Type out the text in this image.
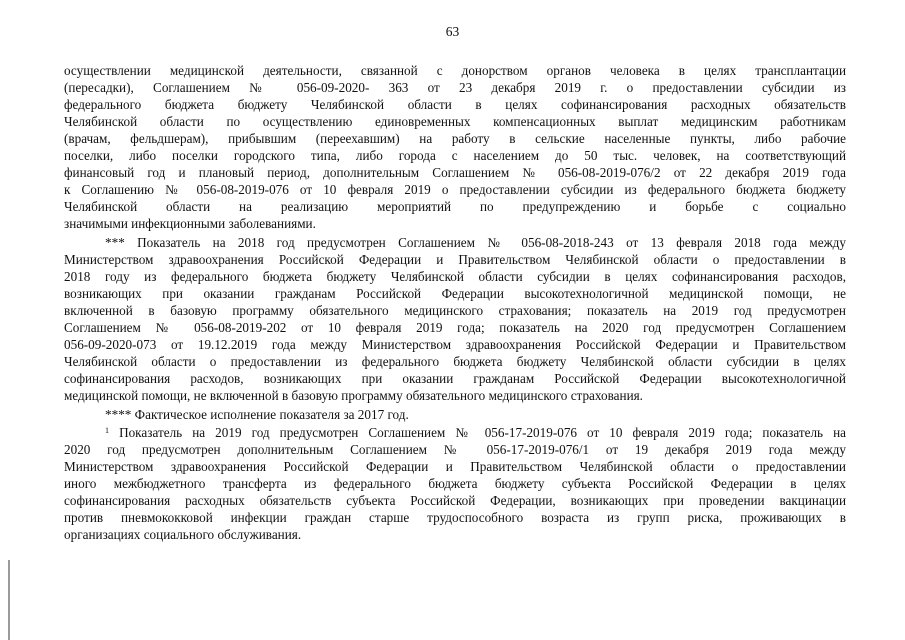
63
осуществлении медицинской деятельности, связанной с донорством органов человека в целях трансплантации
(пересадки), Соглашением № 056-09-2020- 363 от 23 декабря 2019 г. о предоставлении субсидии из
федерального бюджета бюджету Челябинской области в целях софинансирования расходных обязательств
Челябинской области по осуществлению единовременных компенсационных выплат медицинским работникам
(врачам, фельдшерам), прибывшим (переехавшим) на работу в сельские населенные пункты, либо рабочие
поселки, либо поселки городского типа, либо города с населением до 50 тыс. человек, на соответствующий
финансовый год и плановый период, дополнительным Соглашением № 056-08-2019-076/2 от 22 декабря 2019 года
к Соглашению № 056-08-2019-076 от 10 февраля 2019 о предоставлении субсидии из федерального бюджета бюджету
Челябинской области на реализацию мероприятий по предупреждению и борьбе с социально
значимыми инфекционными заболеваниями.
*** Показатель на 2018 год предусмотрен Соглашением № 056-08-2018-243 от 13 февраля 2018 года между
Министерством здравоохранения Российской Федерации и Правительством Челябинской области о предоставлении в
2018 году из федерального бюджета бюджету Челябинской области субсидии в целях софинансирования расходов,
возникающих при оказании гражданам Российской Федерации высокотехнологичной медицинской помощи, не
включенной в базовую программу обязательного медицинского страхования; показатель на 2019 год предусмотрен
Соглашением № 056-08-2019-202 от 10 февраля 2019 года; показатель на 2020 год предусмотрен Соглашением
056-09-2020-073 от 19.12.2019 года между Министерством здравоохранения Российской Федерации и Правительством
Челябинской области о предоставлении из федерального бюджета бюджету Челябинской области субсидии в целях
софинансирования расходов, возникающих при оказании гражданам Российской Федерации высокотехнологичной
медицинской помощи, не включенной в базовую программу обязательного медицинского страхования.
**** Фактическое исполнение показателя за 2017 год.
$^1$ Показатель на 2019 год предусмотрен Соглашением № 056-17-2019-076 от 10 февраля 2019 года; показатель на
2020 год предусмотрен дополнительным Соглашением № 056-17-2019-076/1 от 19 декабря 2019 года между
Министерством здравоохранения Российской Федерации и Правительством Челябинской области о предоставлении
иного межбюджетного трансферта из федерального бюджета бюджету субъекта Российской Федерации в целях
софинансирования расходных обязательств субъекта Российской Федерации, возникающих при проведении вакцинации
против пневмококковой инфекции граждан старше трудоспособного возраста из групп риска, проживающих в
организациях социального обслуживания.
